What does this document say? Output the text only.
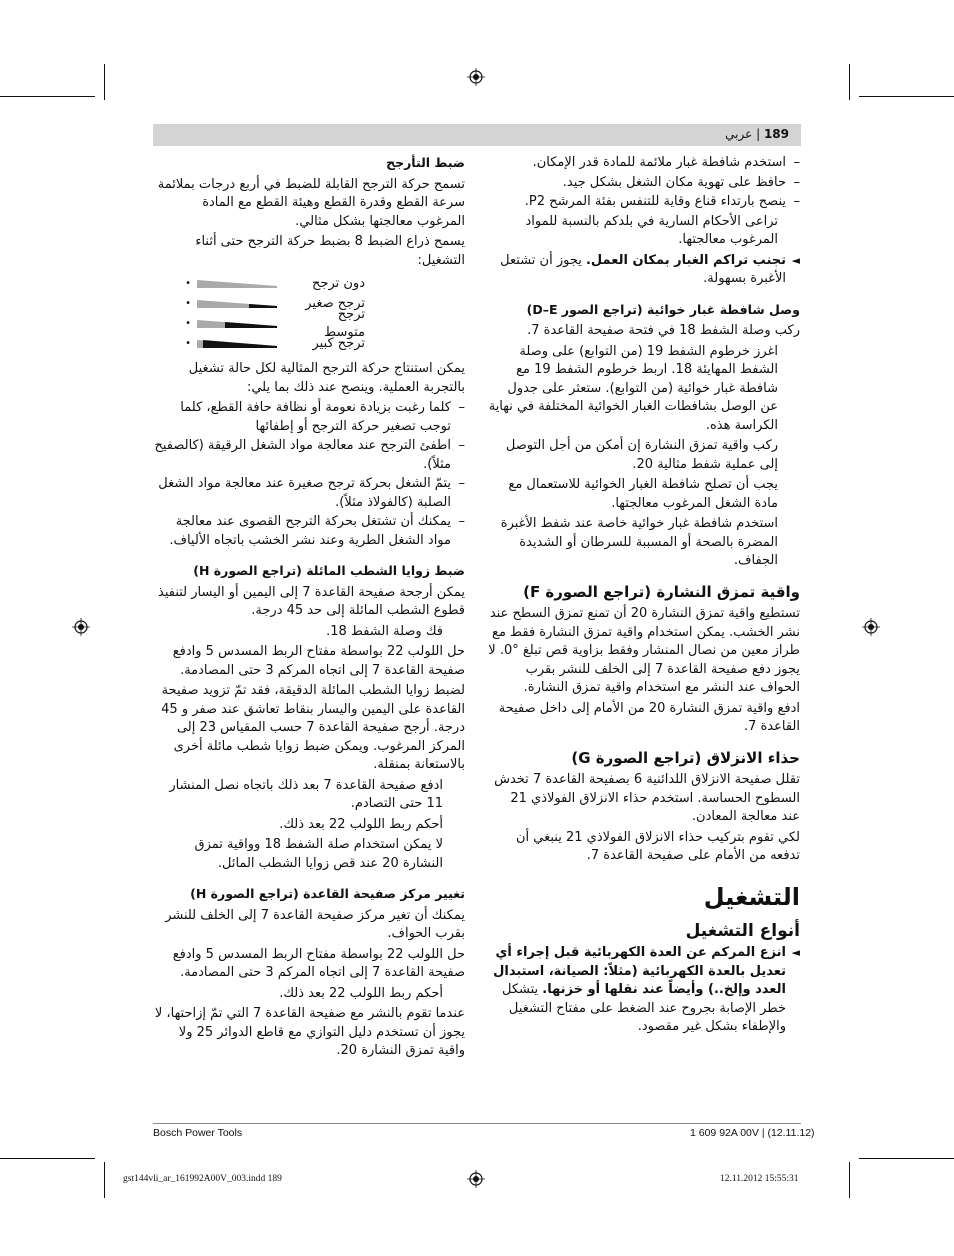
189 | عربي
– استخدم شافطة غبار ملائمة للمادة قدر الإمكان.
– حافظ على تهوية مكان الشغل بشكل جيد.
– ينصح بارتداء قناع وقاية للتنفس بفئة المرشح P2.

تراعى الأحكام السارية في بلدكم بالنسبة للمواد المرغوب معالجتها.

◄
تجنب تراكم الغبار بمكان العمل. يجوز أن تشتعل الأغبرة بسهولة.
وصل شافطة غبار خوائية (تراجع الصور D–E)

ركب وصلة الشفط 18 في فتحة صفيحة القاعدة 7.

اغرز خرطوم الشفط 19 (من التوابع) على وصلة الشفط المهايئة 18. اربط خرطوم الشفط 19 مع شافطة غبار خوائية (من التوابع). ستعثر على جدول عن الوصل بشافطات الغبار الخوائية المختلفة في نهاية الكراسة هذه.

ركب واقية تمزق النشارة إن أمكن من أجل التوصل إلى عملية شفط مثالية 20.

يجب أن تصلح شافطة الغبار الخوائية للاستعمال مع مادة الشغل المرغوب معالجتها.

استخدم شافطة غبار خوائية خاصة عند شفط الأغبرة المضرة بالصحة أو المسببة للسرطان أو الشديدة الجفاف.

واقية تمزق النشارة (تراجع الصورة F)

تستطيع واقية تمزق النشارة 20 أن تمنع تمزق السطح عند نشر الخشب. يمكن استخدام واقية تمزق النشارة فقط مع طراز معين من نصال المنشار وفقط بزاوية قص تبلغ °0. لا يجوز دفع صفيحة القاعدة 7 إلى الخلف للنشر بقرب الحواف عند النشر مع استخدام واقية تمزق النشارة.

ادفع واقية تمزق النشارة 20 من الأمام إلى داخل صفيحة القاعدة 7.

حذاء الانزلاق (تراجع الصورة G)

تقلل صفيحة الانزلاق اللدائنية 6 بصفيحة القاعدة 7 تخدش السطوح الحساسة. استخدم حذاء الانزلاق الفولاذي 21 عند معالجة المعادن.

لكي تقوم بتركيب حذاء الانزلاق الفولاذي 21 ينبغي أن تدفعه من الأمام على صفيحة القاعدة 7.

التشغيل
أنواع التشغيل
◄
انزع المركم عن العدة الكهربائية قبل إجراء أي تعديل بالعدة الكهربائية (مثلاً: الصيانة، استبدال العدد وإلخ..) وأيضاً عند نقلها أو خزنها. يتشكل خطر الإصابة بجروح عند الضغط على مفتاح التشغيل والإطفاء بشكل غير مقصود.
ضبط التأرجح

تسمح حركة الترجح القابلة للضبط في أربع درجات بملائمة سرعة القطع وقدرة القطع وهيئة القطع مع المادة المرغوب معالجتها بشكل مثالي.

يسمح ذراع الضبط 8 بضبط حركة الترجح حتى أثناء التشغيل:

دون ترجح
•
ترجح صغير
•
ترجح متوسط
•
ترجح كبير
•

يمكن استنتاج حركة الترجح المثالية لكل حالة تشغيل بالتجربة العملية. وينصح عند ذلك بما يلي:

– كلما رغبت بزيادة نعومة أو نظافة حافة القطع، كلما توجب تصغير حركة الترجح أو إطفائها
– اطفئ الترجح عند معالجة مواد الشغل الرقيقة (كالصفيح مثلاً).
– يتمّ الشغل بحركة ترجح صغيرة عند معالجة مواد الشغل الصلبة (كالفولاذ مثلاً).
– يمكنك أن تشتغل بحركة الترجح القصوى عند معالجة مواد الشغل الطرية وعند نشر الخشب باتجاه الألياف.
ضبط زوايا الشطب المائلة (تراجع الصورة H)

يمكن أرجحة صفيحة القاعدة 7 إلى اليمين أو اليسار لتنفيذ قطوع الشطب المائلة إلى حد 45 درجة.

فك وصلة الشفط 18.

حل اللولب 22 بواسطة مفتاح الربط المسدس 5 وادفع صفيحة القاعدة 7 إلى اتجاه المركم 3 حتى المصادمة.

لضبط زوايا الشطب المائلة الدقيقة، فقد تمّ تزويد صفيحة القاعدة على اليمين واليسار بنقاط تعاشق عند صفر و 45 درجة. أرجح صفيحة القاعدة 7 حسب المقياس 23 إلى المركز المرغوب. ويمكن ضبط زوايا شطب مائلة أخرى بالاستعانة بمنقلة.

ادفع صفيحة القاعدة 7 بعد ذلك باتجاه نصل المنشار 11 حتى التصادم.

أحكم ربط اللولب 22 بعد ذلك.

لا يمكن استخدام صلة الشفط 18 وواقية تمزق النشارة 20 عند قص زوايا الشطب المائل.

تغيير مركز صفيحة القاعدة (تراجع الصورة H)

يمكنك أن تغير مركز صفيحة القاعدة 7 إلى الخلف للنشر بقرب الحواف.

حل اللولب 22 بواسطة مفتاح الربط المسدس 5 وادفع صفيحة القاعدة 7 إلى اتجاه المركم 3 حتى المصادمة.

أحكم ربط اللولب 22 بعد ذلك.

عندما تقوم بالنشر مع صفيحة القاعدة 7 التي تمّ إزاحتها، لا يجوز أن تستخدم دليل التوازي مع قاطع الدوائر 25 ولا واقية تمزق النشارة 20.

Bosch Power Tools	1 609 92A 00V | (12.11.12)
gst144vli_ar_161992A00V_003.indd 189	12.11.2012 15:55:31
